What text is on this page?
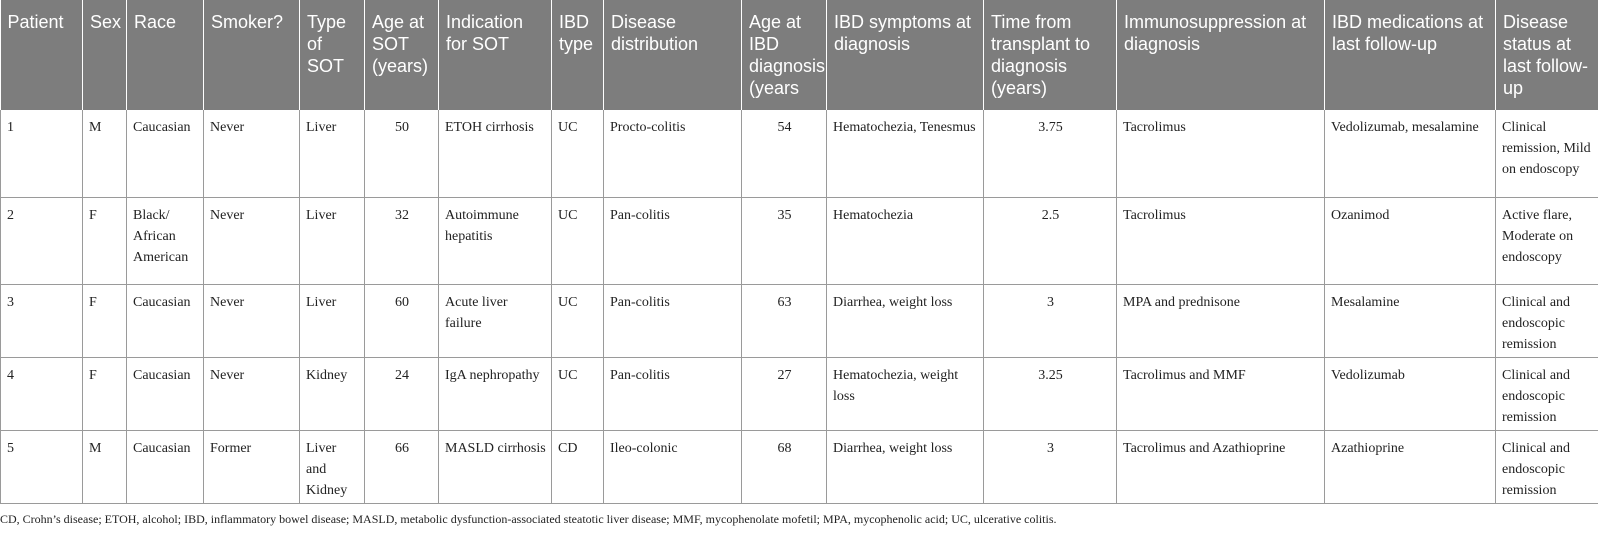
Patient	Sex	Race	Smoker?	Type of SOT	Age at SOT (years)	Indication for SOT	IBD type	Disease distribution	Age at IBD diagnosis (years	IBD symptoms at diagnosis	Time from transplant to diagnosis (years)	Immunosuppression at diagnosis	IBD medications at last follow-up	Disease status at last follow-up
1	M	Caucasian	Never	Liver	50	ETOH cirrhosis	UC	Procto-colitis	54	Hematochezia, Tenesmus	3.75	Tacrolimus	Vedolizumab, mesalamine	Clinical remission, Mild on endoscopy
2	F	Black/ African American	Never	Liver	32	Autoimmune hepatitis	UC	Pan-colitis	35	Hematochezia	2.5	Tacrolimus	Ozanimod	Active flare, Moderate on endoscopy
3	F	Caucasian	Never	Liver	60	Acute liver failure	UC	Pan-colitis	63	Diarrhea, weight loss	3	MPA and prednisone	Mesalamine	Clinical and endoscopic remission
4	F	Caucasian	Never	Kidney	24	IgA nephropathy	UC	Pan-colitis	27	Hematochezia, weight loss	3.25	Tacrolimus and MMF	Vedolizumab	Clinical and endoscopic remission
5	M	Caucasian	Former	Liver and Kidney	66	MASLD cirrhosis	CD	Ileo-colonic	68	Diarrhea, weight loss	3	Tacrolimus and Azathioprine	Azathioprine	Clinical and endoscopic remission
CD, Crohn’s disease; ETOH, alcohol; IBD, inflammatory bowel disease; MASLD, metabolic dysfunction-associated steatotic liver disease; MMF, mycophenolate mofetil; MPA, mycophenolic acid; UC, ulcerative colitis.
